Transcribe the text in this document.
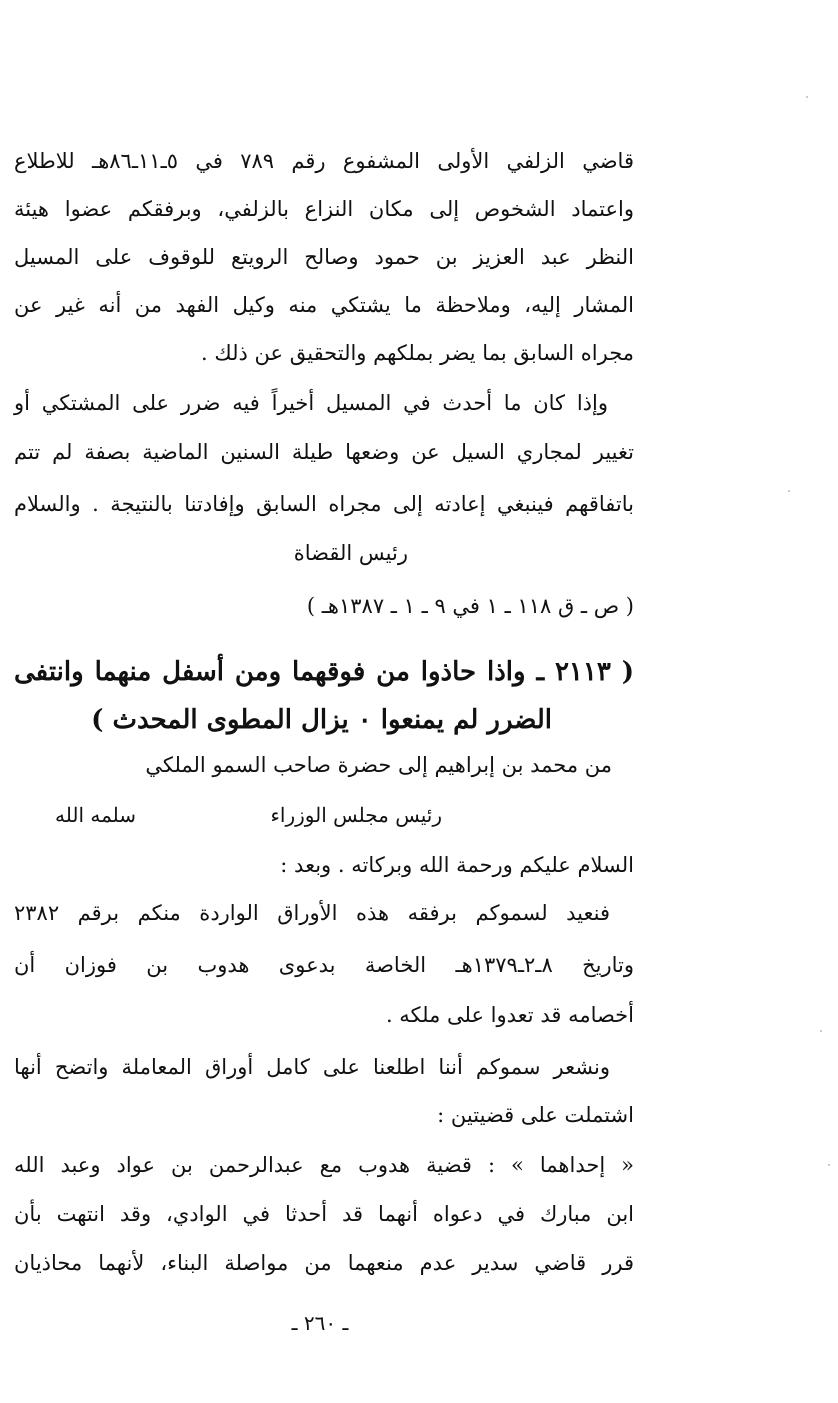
قاضي الزلفي الأولى المشفوع رقم ٧٨٩ في ٥ـ١١ـ٨٦هـ للاطلاع
واعتماد الشخوص إلى مكان النزاع بالزلفي، وبرفقكم عضوا هيئة
النظر عبد العزيز بن حمود وصالح الرويتع للوقوف على المسيل
المشار إليه، وملاحظة ما يشتكي منه وكيل الفهد من أنه غير عن
مجراه السابق بما يضر بملكهم والتحقيق عن ذلك .
وإذا كان ما أحدث في المسيل أخيراً فيه ضرر على المشتكي أو
تغيير لمجاري السيل عن وضعها طيلة السنين الماضية بصفة لم تتم
باتفاقهم فينبغي إعادته إلى مجراه السابق وإفادتنا بالنتيجة . والسلام
رئيس القضاة
( ص ـ ق ١١٨ ـ ١ في ٩ ـ ١ ـ ١٣٨٧هـ )
( ٢١١٣ ـ واذا حاذوا من فوقهما ومن أسفل منهما وانتفى
الضرر لم يمنعوا ٠ يزال المطوى المحدث )
من محمد بن إبراهيم إلى حضرة صاحب السمو الملكي
رئيس مجلس الوزراء
سلمه الله
السلام عليكم ورحمة الله وبركاته . وبعد :
فنعيد لسموكم برفقه هذه الأوراق الواردة منكم برقم ٢٣٨٢
وتاريخ ٨ـ٢ـ١٣٧٩هـ الخاصة بدعوى هدوب بن فوزان أن
أخصامه قد تعدوا على ملكه .
ونشعر سموكم أننا اطلعنا على كامل أوراق المعاملة واتضح أنها
اشتملت على قضيتين :
« إحداهما » : قضية هدوب مع عبدالرحمن بن عواد وعبد الله
ابن مبارك في دعواه أنهما قد أحدثا في الوادي، وقد انتهت بأن
قرر قاضي سدير عدم منعهما من مواصلة البناء، لأنهما محاذيان
ـ ٢٦٠ ـ
